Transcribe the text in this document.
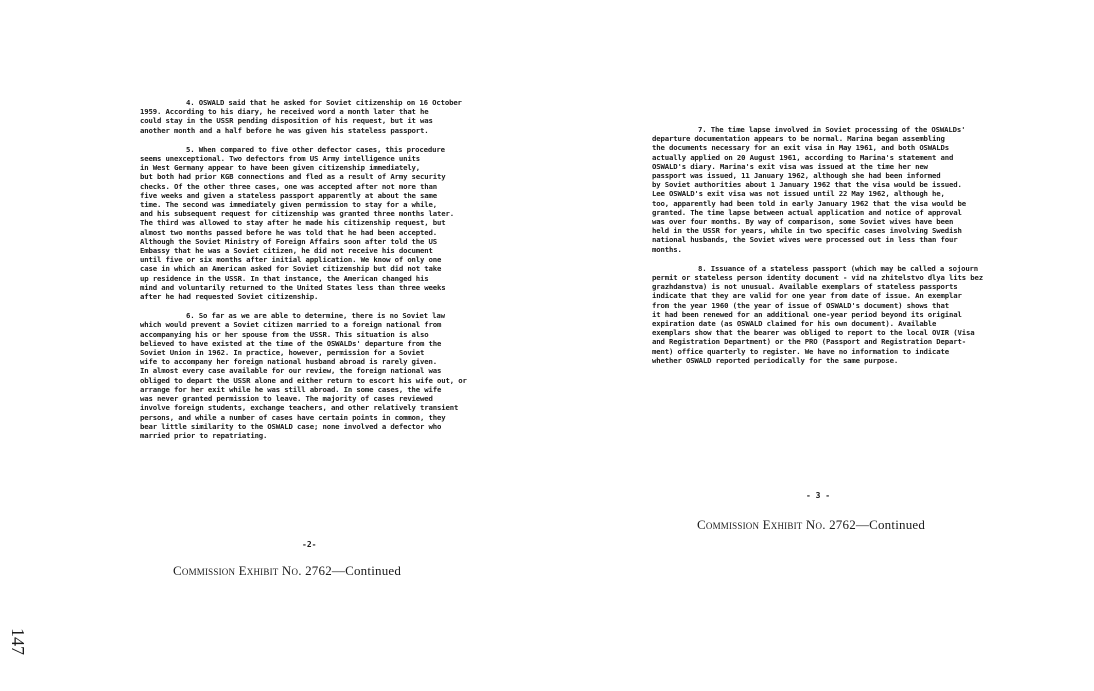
4. OSWALD said that he asked for Soviet citizenship on 16 October
1959. According to his diary, he received word a month later that he
could stay in the USSR pending disposition of his request, but it was
another month and a half before he was given his stateless passport.
5. When compared to five other defector cases, this procedure
seems unexceptional. Two defectors from US Army intelligence units
in West Germany appear to have been given citizenship immediately,
but both had prior KGB connections and fled as a result of Army security
checks. Of the other three cases, one was accepted after not more than
five weeks and given a stateless passport apparently at about the same
time. The second was immediately given permission to stay for a while,
and his subsequent request for citizenship was granted three months later.
The third was allowed to stay after he made his citizenship request, but
almost two months passed before he was told that he had been accepted.
Although the Soviet Ministry of Foreign Affairs soon after told the US
Embassy that he was a Soviet citizen, he did not receive his document
until five or six months after initial application. We know of only one
case in which an American asked for Soviet citizenship but did not take
up residence in the USSR. In that instance, the American changed his
mind and voluntarily returned to the United States less than three weeks
after he had requested Soviet citizenship.
6. So far as we are able to determine, there is no Soviet law
which would prevent a Soviet citizen married to a foreign national from
accompanying his or her spouse from the USSR. This situation is also
believed to have existed at the time of the OSWALDs' departure from the
Soviet Union in 1962. In practice, however, permission for a Soviet
wife to accompany her foreign national husband abroad is rarely given.
In almost every case available for our review, the foreign national was
obliged to depart the USSR alone and either return to escort his wife out, or
arrange for her exit while he was still abroad. In some cases, the wife
was never granted permission to leave. The majority of cases reviewed
involve foreign students, exchange teachers, and other relatively transient
persons, and while a number of cases have certain points in common, they
bear little similarity to the OSWALD case; none involved a defector who
married prior to repatriating.
7. The time lapse involved in Soviet processing of the OSWALDs'
departure documentation appears to be normal. Marina began assembling
the documents necessary for an exit visa in May 1961, and both OSWALDs
actually applied on 20 August 1961, according to Marina's statement and
OSWALD's diary. Marina's exit visa was issued at the time her new
passport was issued, 11 January 1962, although she had been informed
by Soviet authorities about 1 January 1962 that the visa would be issued.
Lee OSWALD's exit visa was not issued until 22 May 1962, although he,
too, apparently had been told in early January 1962 that the visa would be
granted. The time lapse between actual application and notice of approval
was over four months. By way of comparison, some Soviet wives have been
held in the USSR for years, while in two specific cases involving Swedish
national husbands, the Soviet wives were processed out in less than four
months.
8. Issuance of a stateless passport (which may be called a sojourn
permit or stateless person identity document - vid na zhitelstvo dlya lits bez
grazhdanstva) is not unusual. Available exemplars of stateless passports
indicate that they are valid for one year from date of issue. An exemplar
from the year 1960 (the year of issue of OSWALD's document) shows that
it had been renewed for an additional one-year period beyond its original
expiration date (as OSWALD claimed for his own document). Available
exemplars show that the bearer was obliged to report to the local OVIR (Visa
and Registration Department) or the PRO (Passport and Registration Depart-
ment) office quarterly to register. We have no information to indicate
whether OSWALD reported periodically for the same purpose.
-2-
- 3 -
Commission Exhibit No. 2762—Continued
Commission Exhibit No. 2762—Continued
147
